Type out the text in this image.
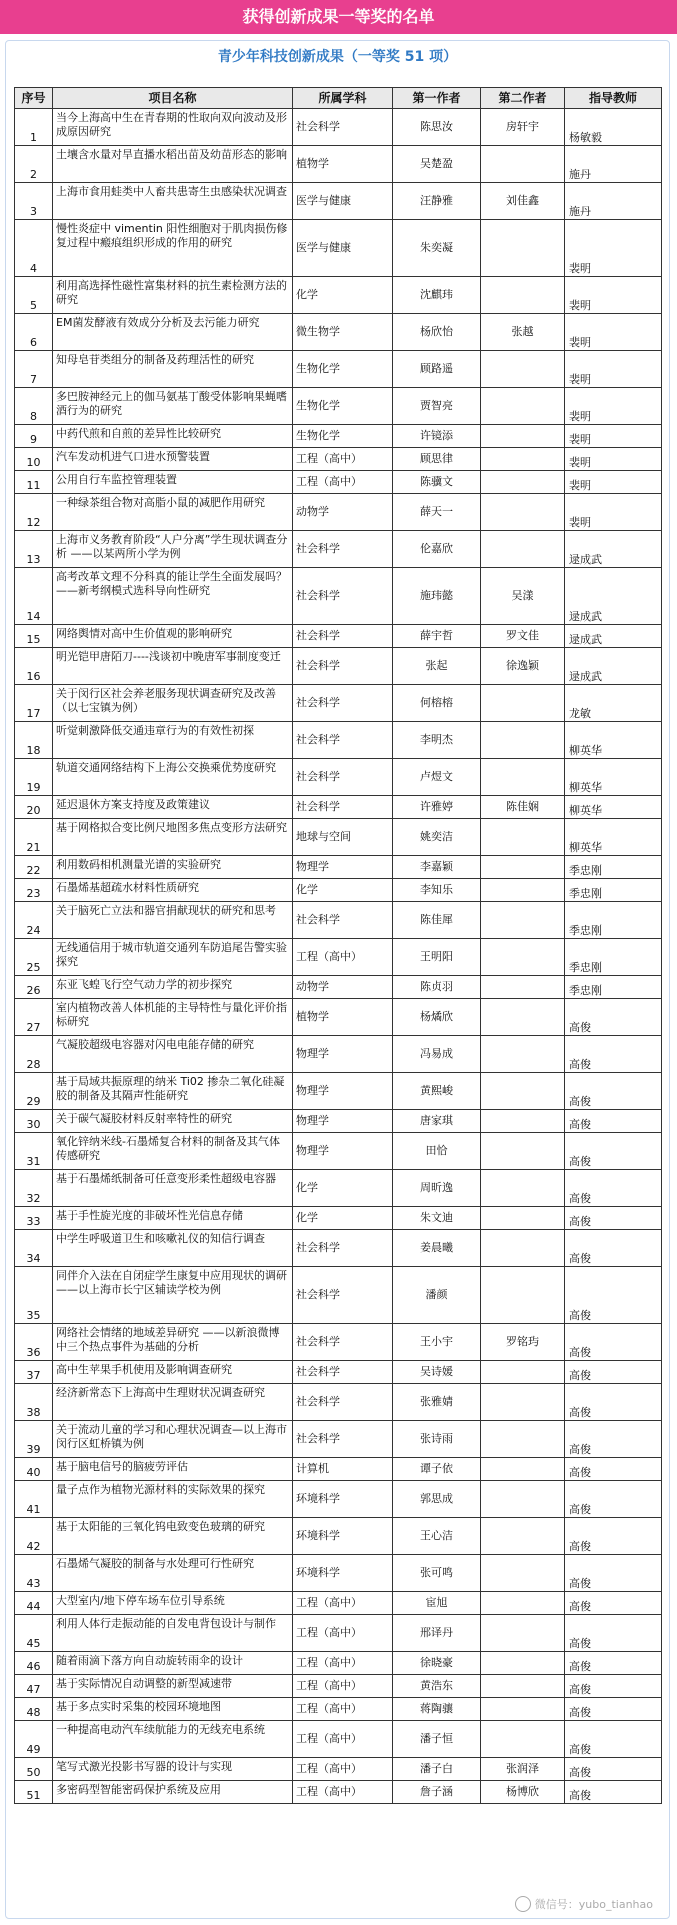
获得创新成果一等奖的名单
青少年科技创新成果（一等奖 51 项）
序号	项目名称	所属学科	第一作者	第二作者	指导教师
1	当今上海高中生在青春期的性取向双向波动及形成原因研究	社会科学	陈思汝	房轩宇	杨敏毅
2	土壤含水量对旱直播水稻出苗及幼苗形态的影响	植物学	吴楚盈		施丹
3	上海市食用蛙类中人畜共患寄生虫感染状况调查	医学与健康	汪静雅	刘佳鑫	施丹
4	慢性炎症中 vimentin 阳性细胞对于肌肉损伤修复过程中瘢痕组织形成的作用的研究	医学与健康	朱奕凝		裴明
5	利用高选择性磁性富集材料的抗生素检测方法的研究	化学	沈麒玮		裴明
6	EM菌发酵液有效成分分析及去污能力研究	微生物学	杨欣怡	张越	裴明
7	知母皂苷类组分的制备及药理活性的研究	生物化学	顾路遥		裴明
8	多巴胺神经元上的伽马氨基丁酸受体影响果蝇嗜酒行为的研究	生物化学	贾智亮		裴明
9	中药代煎和自煎的差异性比较研究	生物化学	许镜添		裴明
10	汽车发动机进气口进水预警装置	工程（高中）	顾思律		裴明
11	公用自行车监控管理装置	工程（高中）	陈骥文		裴明
12	一种绿茶组合物对高脂小鼠的减肥作用研究	动物学	薛天一		裴明
13	上海市义务教育阶段“人户分离”学生现状调查分析 ——以某两所小学为例	社会科学	伦嘉欣		逯成武
14	高考改革文理不分科真的能让学生全面发展吗？——新考纲模式选科导向性研究	社会科学	施玮懿	吴漾	逯成武
15	网络舆情对高中生价值观的影响研究	社会科学	薛宇哲	罗文佳	逯成武
16	明光铠甲唐陌刀----浅谈初中晚唐军事制度变迁	社会科学	张起	徐逸颖	逯成武
17	关于闵行区社会养老服务现状调查研究及改善（以七宝镇为例）	社会科学	何榕榕		龙敏
18	听觉刺激降低交通违章行为的有效性初探	社会科学	李明杰		柳英华
19	轨道交通网络结构下上海公交换乘优势度研究	社会科学	卢煜文		柳英华
20	延迟退休方案支持度及政策建议	社会科学	许雅婷	陈佳娴	柳英华
21	基于网格拟合变比例尺地图多焦点变形方法研究	地球与空间	姚奕洁		柳英华
22	利用数码相机测量光谱的实验研究	物理学	李嘉颖		季忠刚
23	石墨烯基超疏水材料性质研究	化学	李知乐		季忠刚
24	关于脑死亡立法和器官捐献现状的研究和思考	社会科学	陈佳犀		季忠刚
25	无线通信用于城市轨道交通列车防追尾告警实验探究	工程（高中）	王明阳		季忠刚
26	东亚飞蝗飞行空气动力学的初步探究	动物学	陈贞羽		季忠刚
27	室内植物改善人体机能的主导特性与量化评价指标研究	植物学	杨燏欣		高俊
28	气凝胶超级电容器对闪电电能存储的研究	物理学	冯易成		高俊
29	基于局域共振原理的纳米 Ti02 掺杂二氧化硅凝胶的制备及其隔声性能研究	物理学	黄熙峻		高俊
30	关于碳气凝胶材料反射率特性的研究	物理学	唐家琪		高俊
31	氧化锌纳米线-石墨烯复合材料的制备及其气体传感研究	物理学	田恰		高俊
32	基于石墨烯纸制备可任意变形柔性超级电容器	化学	周昕逸		高俊
33	基于手性旋光度的非破坏性光信息存储	化学	朱文迪		高俊
34	中学生呼吸道卫生和咳嗽礼仪的知信行调查	社会科学	姜晨曦		高俊
35	同伴介入法在自闭症学生康复中应用现状的调研 ——以上海市长宁区辅读学校为例	社会科学	潘颜		高俊
36	网络社会情绪的地域差异研究 ——以新浪微博中三个热点事件为基础的分析	社会科学	王小宇	罗铭玙	高俊
37	高中生苹果手机使用及影响调查研究	社会科学	吴诗媛		高俊
38	经济新常态下上海高中生理财状况调查研究	社会科学	张雅婧		高俊
39	关于流动儿童的学习和心理状况调查—以上海市闵行区虹桥镇为例	社会科学	张诗雨		高俊
40	基于脑电信号的脑疲劳评估	计算机	谭子依		高俊
41	量子点作为植物光源材料的实际效果的探究	环境科学	郭思成		高俊
42	基于太阳能的三氧化钨电致变色玻璃的研究	环境科学	王心洁		高俊
43	石墨烯气凝胶的制备与水处理可行性研究	环境科学	张可鸣		高俊
44	大型室内/地下停车场车位引导系统	工程（高中）	宦旭		高俊
45	利用人体行走振动能的自发电背包设计与制作	工程（高中）	邢译丹		高俊
46	随着雨滴下落方向自动旋转雨伞的设计	工程（高中）	徐晓豪		高俊
47	基于实际情况自动调整的新型减速带	工程（高中）	黄浩东		高俊
48	基于多点实时采集的校园环境地图	工程（高中）	蒋陶骧		高俊
49	一种提高电动汽车续航能力的无线充电系统	工程（高中）	潘子恒		高俊
50	笔写式激光投影书写器的设计与实现	工程（高中）	潘子白	张润泽	高俊
51	多密码型智能密码保护系统及应用	工程（高中）	詹子涵	杨博欣	高俊
微信号：yubo_tianhao
